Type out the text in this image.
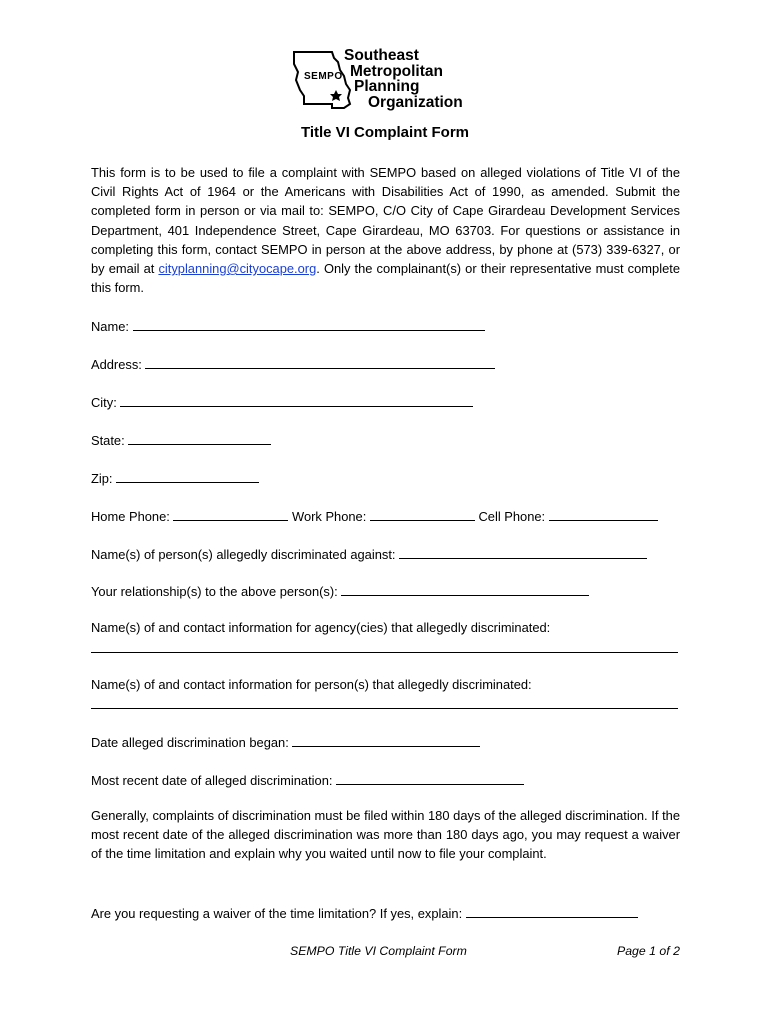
SEMPO
Southeast
Metropolitan
Planning
Organization
Title VI Complaint Form
This form is to be used to file a complaint with SEMPO based on alleged violations of Title VI of the Civil Rights Act of 1964 or the Americans with Disabilities Act of 1990, as amended. Submit the completed form in person or via mail to: SEMPO, C/O City of Cape Girardeau Development Services Department, 401 Independence Street, Cape Girardeau, MO 63703. For questions or assistance in completing this form, contact SEMPO in person at the above address, by phone at (573) 339-6327, or by email at cityplanning@cityocape.org. Only the complainant(s) or their representative must complete this form.
Name:
Address:
City:
State:
Zip:
Home Phone:	Work Phone:	Cell Phone:
Name(s) of person(s) allegedly discriminated against:
Your relationship(s) to the above person(s):
Name(s) of and contact information for agency(cies) that allegedly discriminated:
Name(s) of and contact information for person(s) that allegedly discriminated:
Date alleged discrimination began:
Most recent date of alleged discrimination:
Generally, complaints of discrimination must be filed within 180 days of the alleged discrimination. If the most recent date of the alleged discrimination was more than 180 days ago, you may request a waiver of the time limitation and explain why you waited until now to file your complaint.
Are you requesting a waiver of the time limitation? If yes, explain:
SEMPO Title VI Complaint Form	Page 1 of 2
